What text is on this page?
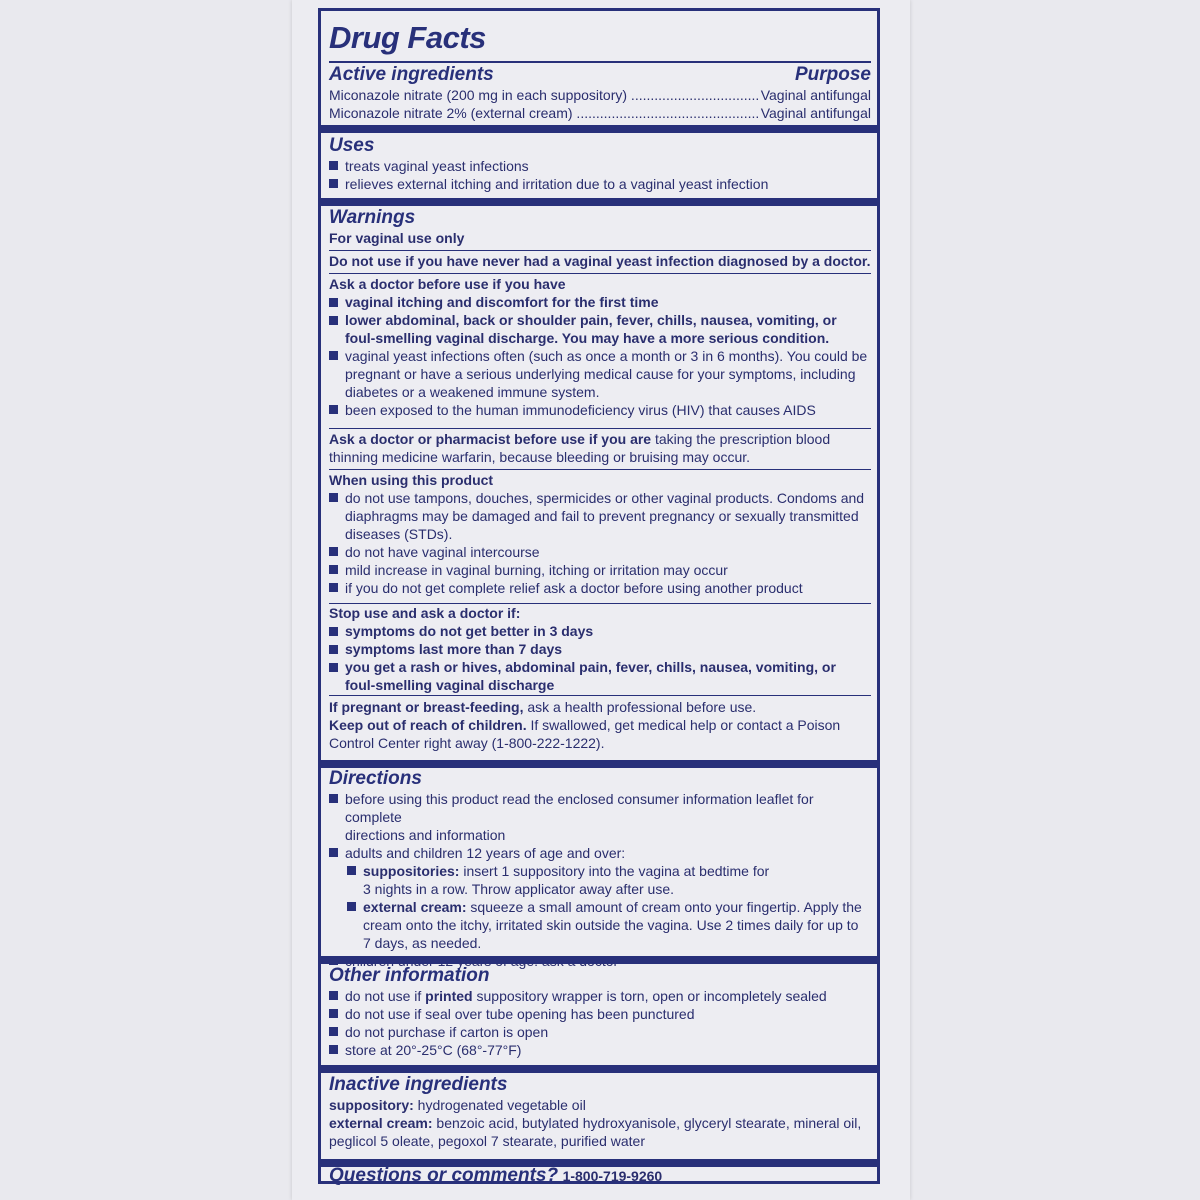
Drug Facts
Active ingredients	Purpose
Miconazole nitrate (200 mg in each suppository) .....	Vaginal antifungal
Miconazole nitrate 2% (external cream) .....	Vaginal antifungal
Uses
treats vaginal yeast infections
relieves external itching and irritation due to a vaginal yeast infection
Warnings
For vaginal use only
Do not use if you have never had a vaginal yeast infection diagnosed by a doctor.
Ask a doctor before use if you have
vaginal itching and discomfort for the first time
lower abdominal, back or shoulder pain, fever, chills, nausea, vomiting, or
foul-smelling vaginal discharge. You may have a more serious condition.
vaginal yeast infections often (such as once a month or 3 in 6 months). You could be
pregnant or have a serious underlying medical cause for your symptoms, including
diabetes or a weakened immune system.
been exposed to the human immunodeficiency virus (HIV) that causes AIDS
Ask a doctor or pharmacist before use if you are taking the prescription blood
thinning medicine warfarin, because bleeding or bruising may occur.
When using this product
do not use tampons, douches, spermicides or other vaginal products. Condoms and
diaphragms may be damaged and fail to prevent pregnancy or sexually transmitted
diseases (STDs).
do not have vaginal intercourse
mild increase in vaginal burning, itching or irritation may occur
if you do not get complete relief ask a doctor before using another product
Stop use and ask a doctor if:
symptoms do not get better in 3 days
symptoms last more than 7 days
you get a rash or hives, abdominal pain, fever, chills, nausea, vomiting, or
foul-smelling vaginal discharge
If pregnant or breast-feeding, ask a health professional before use.
Keep out of reach of children. If swallowed, get medical help or contact a Poison
Control Center right away (1-800-222-1222).
Directions
before using this product read the enclosed consumer information leaflet for complete
directions and information
adults and children 12 years of age and over:
suppositories: insert 1 suppository into the vagina at bedtime for
3 nights in a row. Throw applicator away after use.
external cream: squeeze a small amount of cream onto your fingertip. Apply the
cream onto the itchy, irritated skin outside the vagina. Use 2 times daily for up to
7 days, as needed.
children under 12 years of age: ask a doctor
Other information
do not use if printed suppository wrapper is torn, open or incompletely sealed
do not use if seal over tube opening has been punctured
do not purchase if carton is open
store at 20°-25°C (68°-77°F)
Inactive ingredients
suppository: hydrogenated vegetable oil
external cream: benzoic acid, butylated hydroxyanisole, glyceryl stearate, mineral oil,
peglicol 5 oleate, pegoxol 7 stearate, purified water
Questions or comments? 1-800-719-9260
